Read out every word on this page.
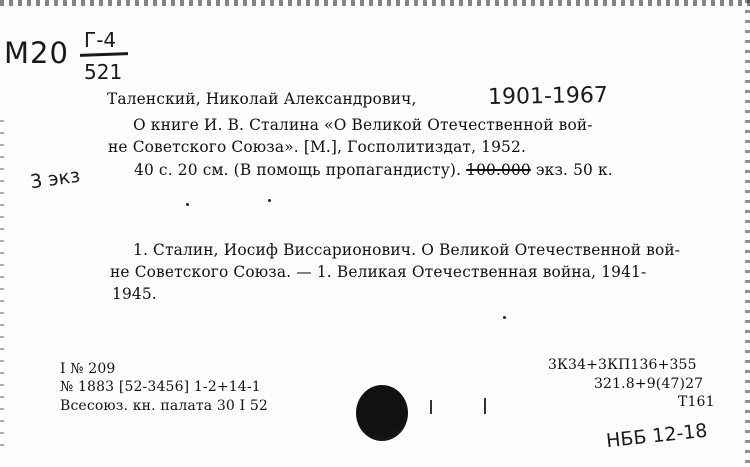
М20 Г-4
521
Таленский, Николай Александрович,	1901-1967
О книге И. В. Сталина «О Великой Отечественной вой-
не Советского Союза». [М.], Госполитиздат, 1952.
3 экз	40 с. 20 см. (В помощь пропагандисту). 100.000 экз. 50 к.
1. Сталин, Иосиф Виссарионович. О Великой Отечественной вой-
не Советского Союза. — 1. Великая Отечественная война, 1941-
1945.
I № 209
№ 1883 [52-3456] 1-2+14-1
Всесоюз. кн. палата 30 I 52
3К34+3КП136+355
321.8+9(47)27
Т161
НББ 12-18
